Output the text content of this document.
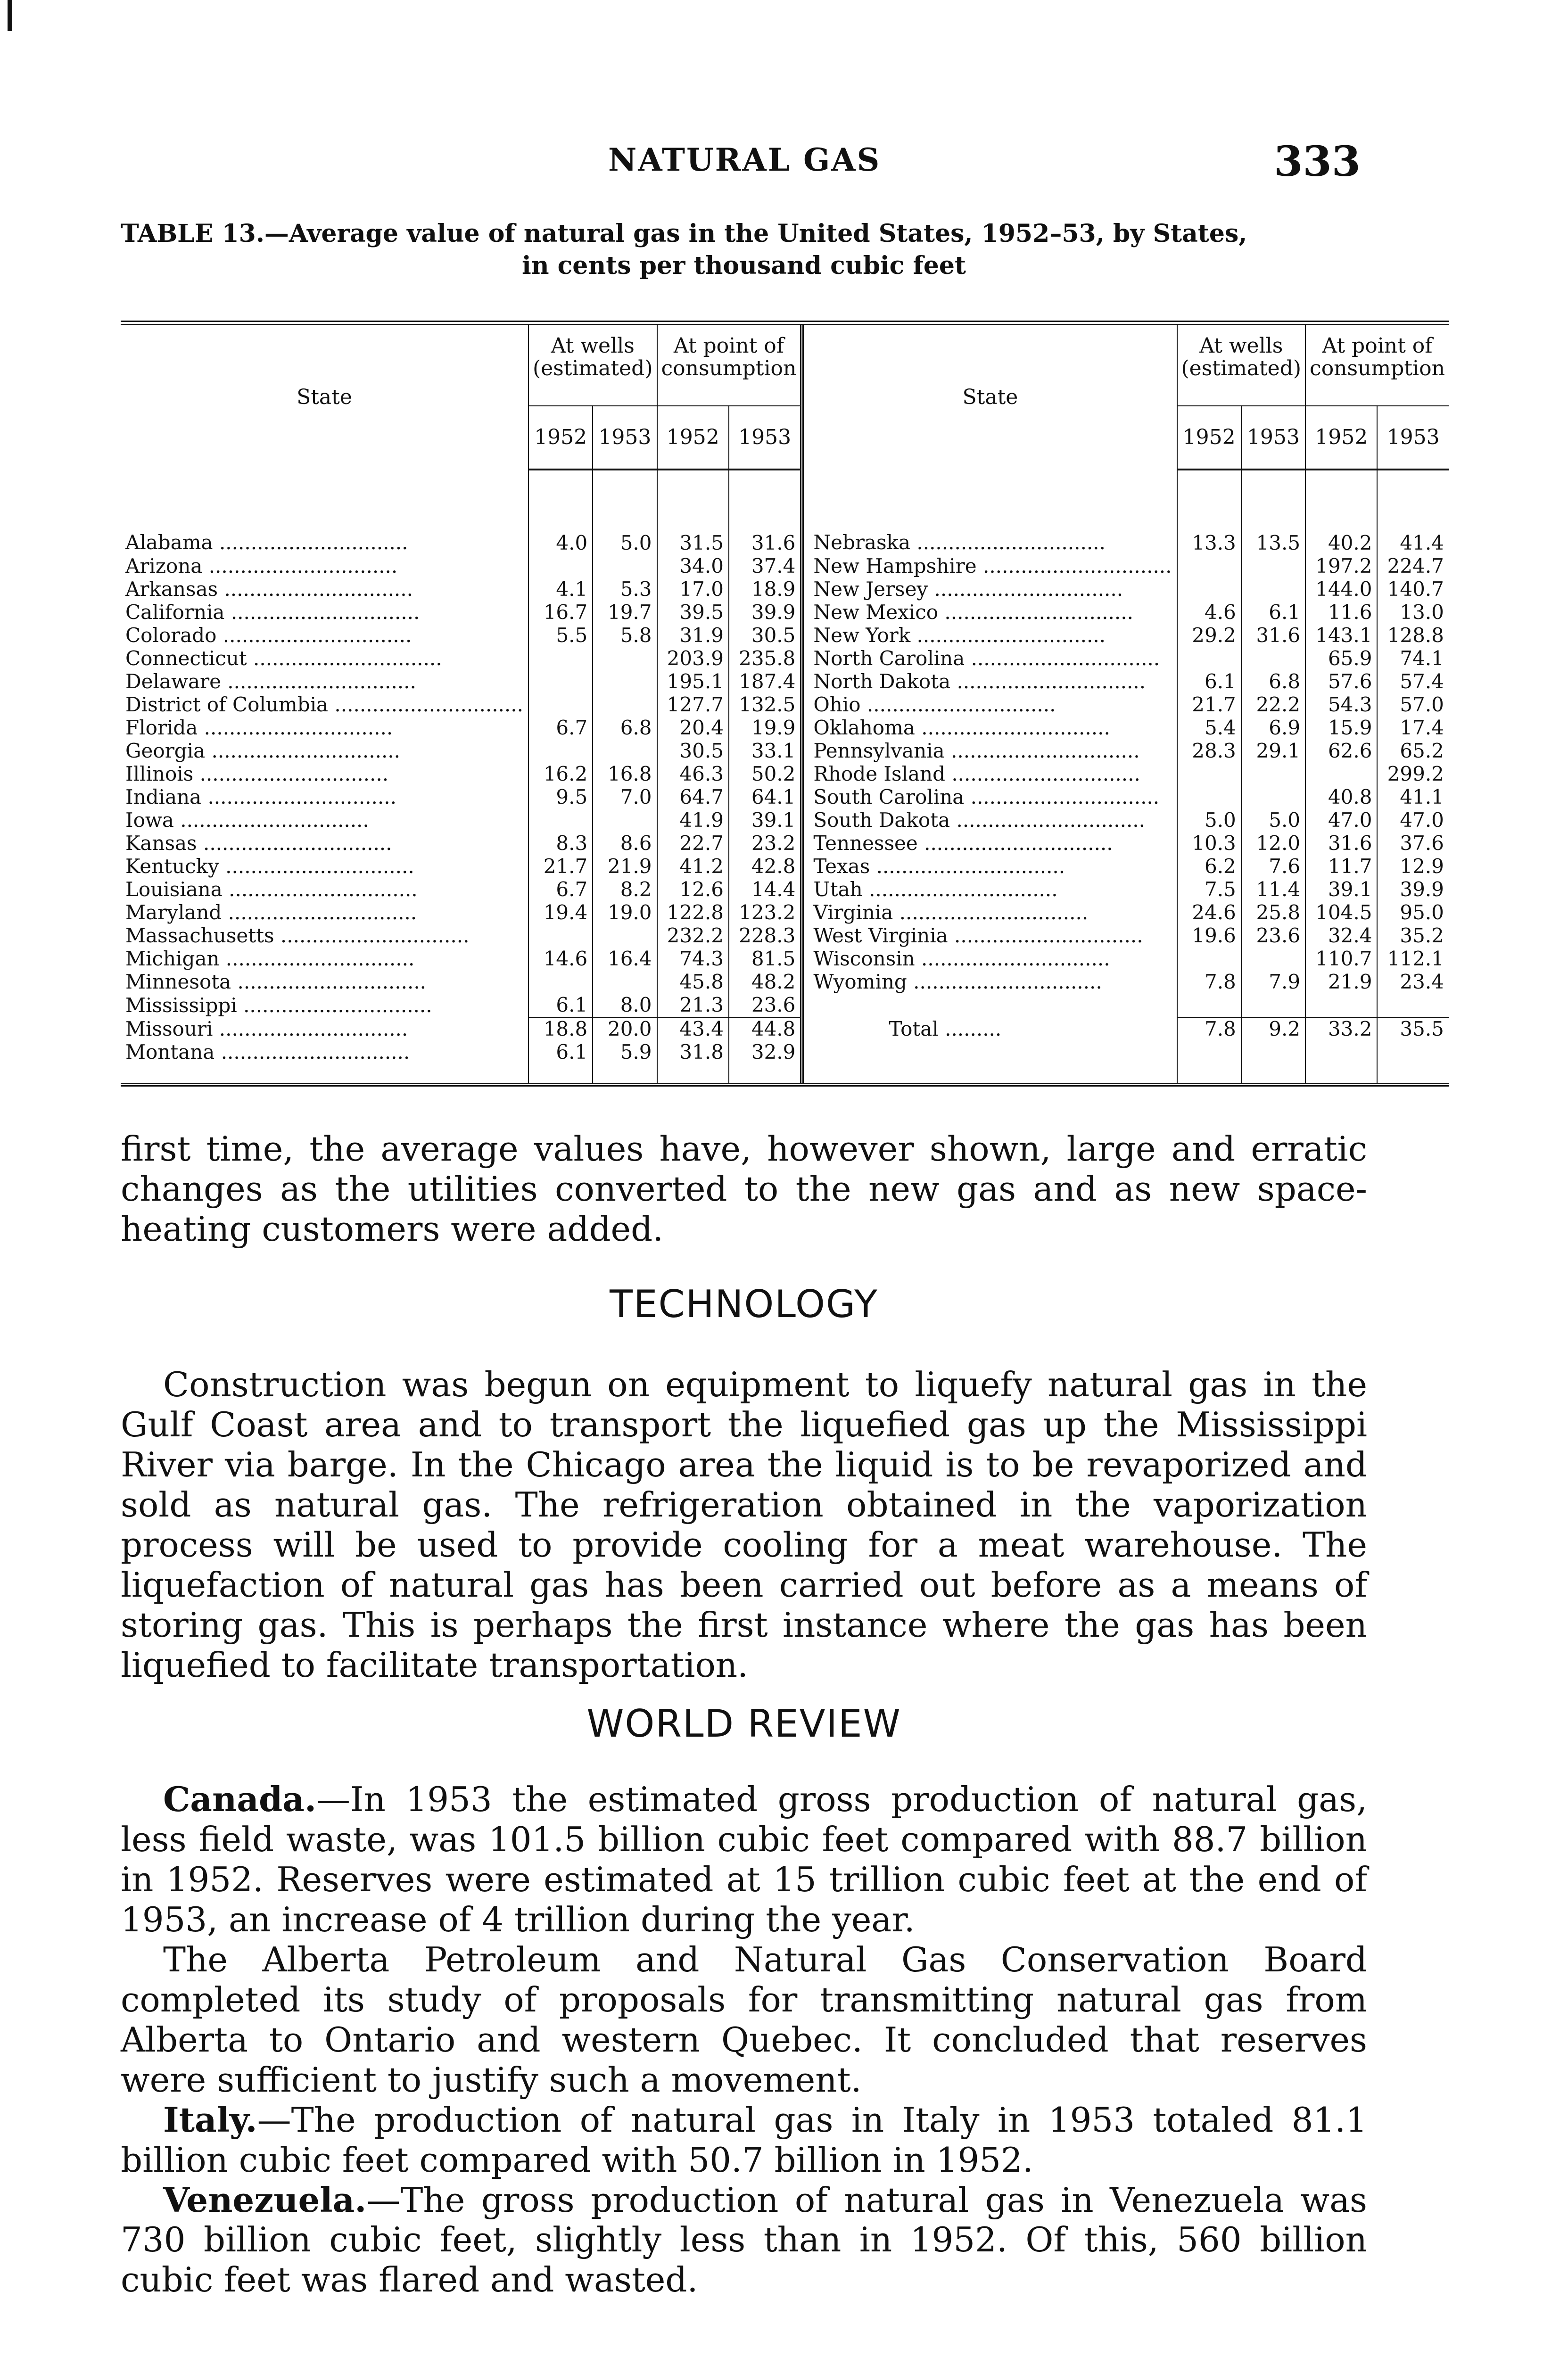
NATURAL GAS	333
TABLE 13.—Average value of natural gas in the United States, 1952–53, by States,
in cents per thousand cubic feet
State	At wells (estimated)		At point of consumption		State	At wells (estimated)		At point of consumption	
	1952	1953	1952	1953		1952	1953	1952	1953
Alabama .....	4.0	5.0	31.5	31.6	Nebraska .....	13.3	13.5	40.2	41.4
Arizona .....			34.0	37.4	New Hampshire .....			197.2	224.7
Arkansas .....	4.1	5.3	17.0	18.9	New Jersey .....			144.0	140.7
California .....	16.7	19.7	39.5	39.9	New Mexico .....	4.6	6.1	11.6	13.0
Colorado .....	5.5	5.8	31.9	30.5	New York .....	29.2	31.6	143.1	128.8
Connecticut .....			203.9	235.8	North Carolina .....			65.9	74.1
Delaware .....			195.1	187.4	North Dakota .....	6.1	6.8	57.6	57.4
District of Columbia .....			127.7	132.5	Ohio .....	21.7	22.2	54.3	57.0
Florida .....	6.7	6.8	20.4	19.9	Oklahoma .....	5.4	6.9	15.9	17.4
Georgia .....			30.5	33.1	Pennsylvania .....	28.3	29.1	62.6	65.2
Illinois .....	16.2	16.8	46.3	50.2	Rhode Island .....				299.2
Indiana .....	9.5	7.0	64.7	64.1	South Carolina .....			40.8	41.1
Iowa .....			41.9	39.1	South Dakota .....	5.0	5.0	47.0	47.0
Kansas .....	8.3	8.6	22.7	23.2	Tennessee .....	10.3	12.0	31.6	37.6
Kentucky .....	21.7	21.9	41.2	42.8	Texas .....	6.2	7.6	11.7	12.9
Louisiana .....	6.7	8.2	12.6	14.4	Utah .....	7.5	11.4	39.1	39.9
Maryland .....	19.4	19.0	122.8	123.2	Virginia .....	24.6	25.8	104.5	95.0
Massachusetts .....			232.2	228.3	West Virginia .....	19.6	23.6	32.4	35.2
Michigan .....	14.6	16.4	74.3	81.5	Wisconsin .....			110.7	112.1
Minnesota .....			45.8	48.2	Wyoming .....	7.8	7.9	21.9	23.4
Mississippi .....	6.1	8.0	21.3	23.6					
Missouri .....	18.8	20.0	43.4	44.8	Total .....	7.8	9.2	33.2	35.5
Montana .....	6.1	5.9	31.8	32.9					

first time, the average values have, however shown, large and erratic changes as the utilities converted to the new gas and as new space-heating customers were added.

TECHNOLOGY

Construction was begun on equipment to liquefy natural gas in the Gulf Coast area and to transport the liquefied gas up the Mississippi River via barge. In the Chicago area the liquid is to be revaporized and sold as natural gas. The refrigeration obtained in the vaporization process will be used to provide cooling for a meat warehouse. The liquefaction of natural gas has been carried out before as a means of storing gas. This is perhaps the first instance where the gas has been liquefied to facilitate transportation.

WORLD REVIEW

Canada.—In 1953 the estimated gross production of natural gas, less field waste, was 101.5 billion cubic feet compared with 88.7 billion in 1952. Reserves were estimated at 15 trillion cubic feet at the end of 1953, an increase of 4 trillion during the year.

The Alberta Petroleum and Natural Gas Conservation Board completed its study of proposals for transmitting natural gas from Alberta to Ontario and western Quebec. It concluded that reserves were sufficient to justify such a movement.

Italy.—The production of natural gas in Italy in 1953 totaled 81.1 billion cubic feet compared with 50.7 billion in 1952.

Venezuela.—The gross production of natural gas in Venezuela was 730 billion cubic feet, slightly less than in 1952. Of this, 560 billion cubic feet was flared and wasted.
